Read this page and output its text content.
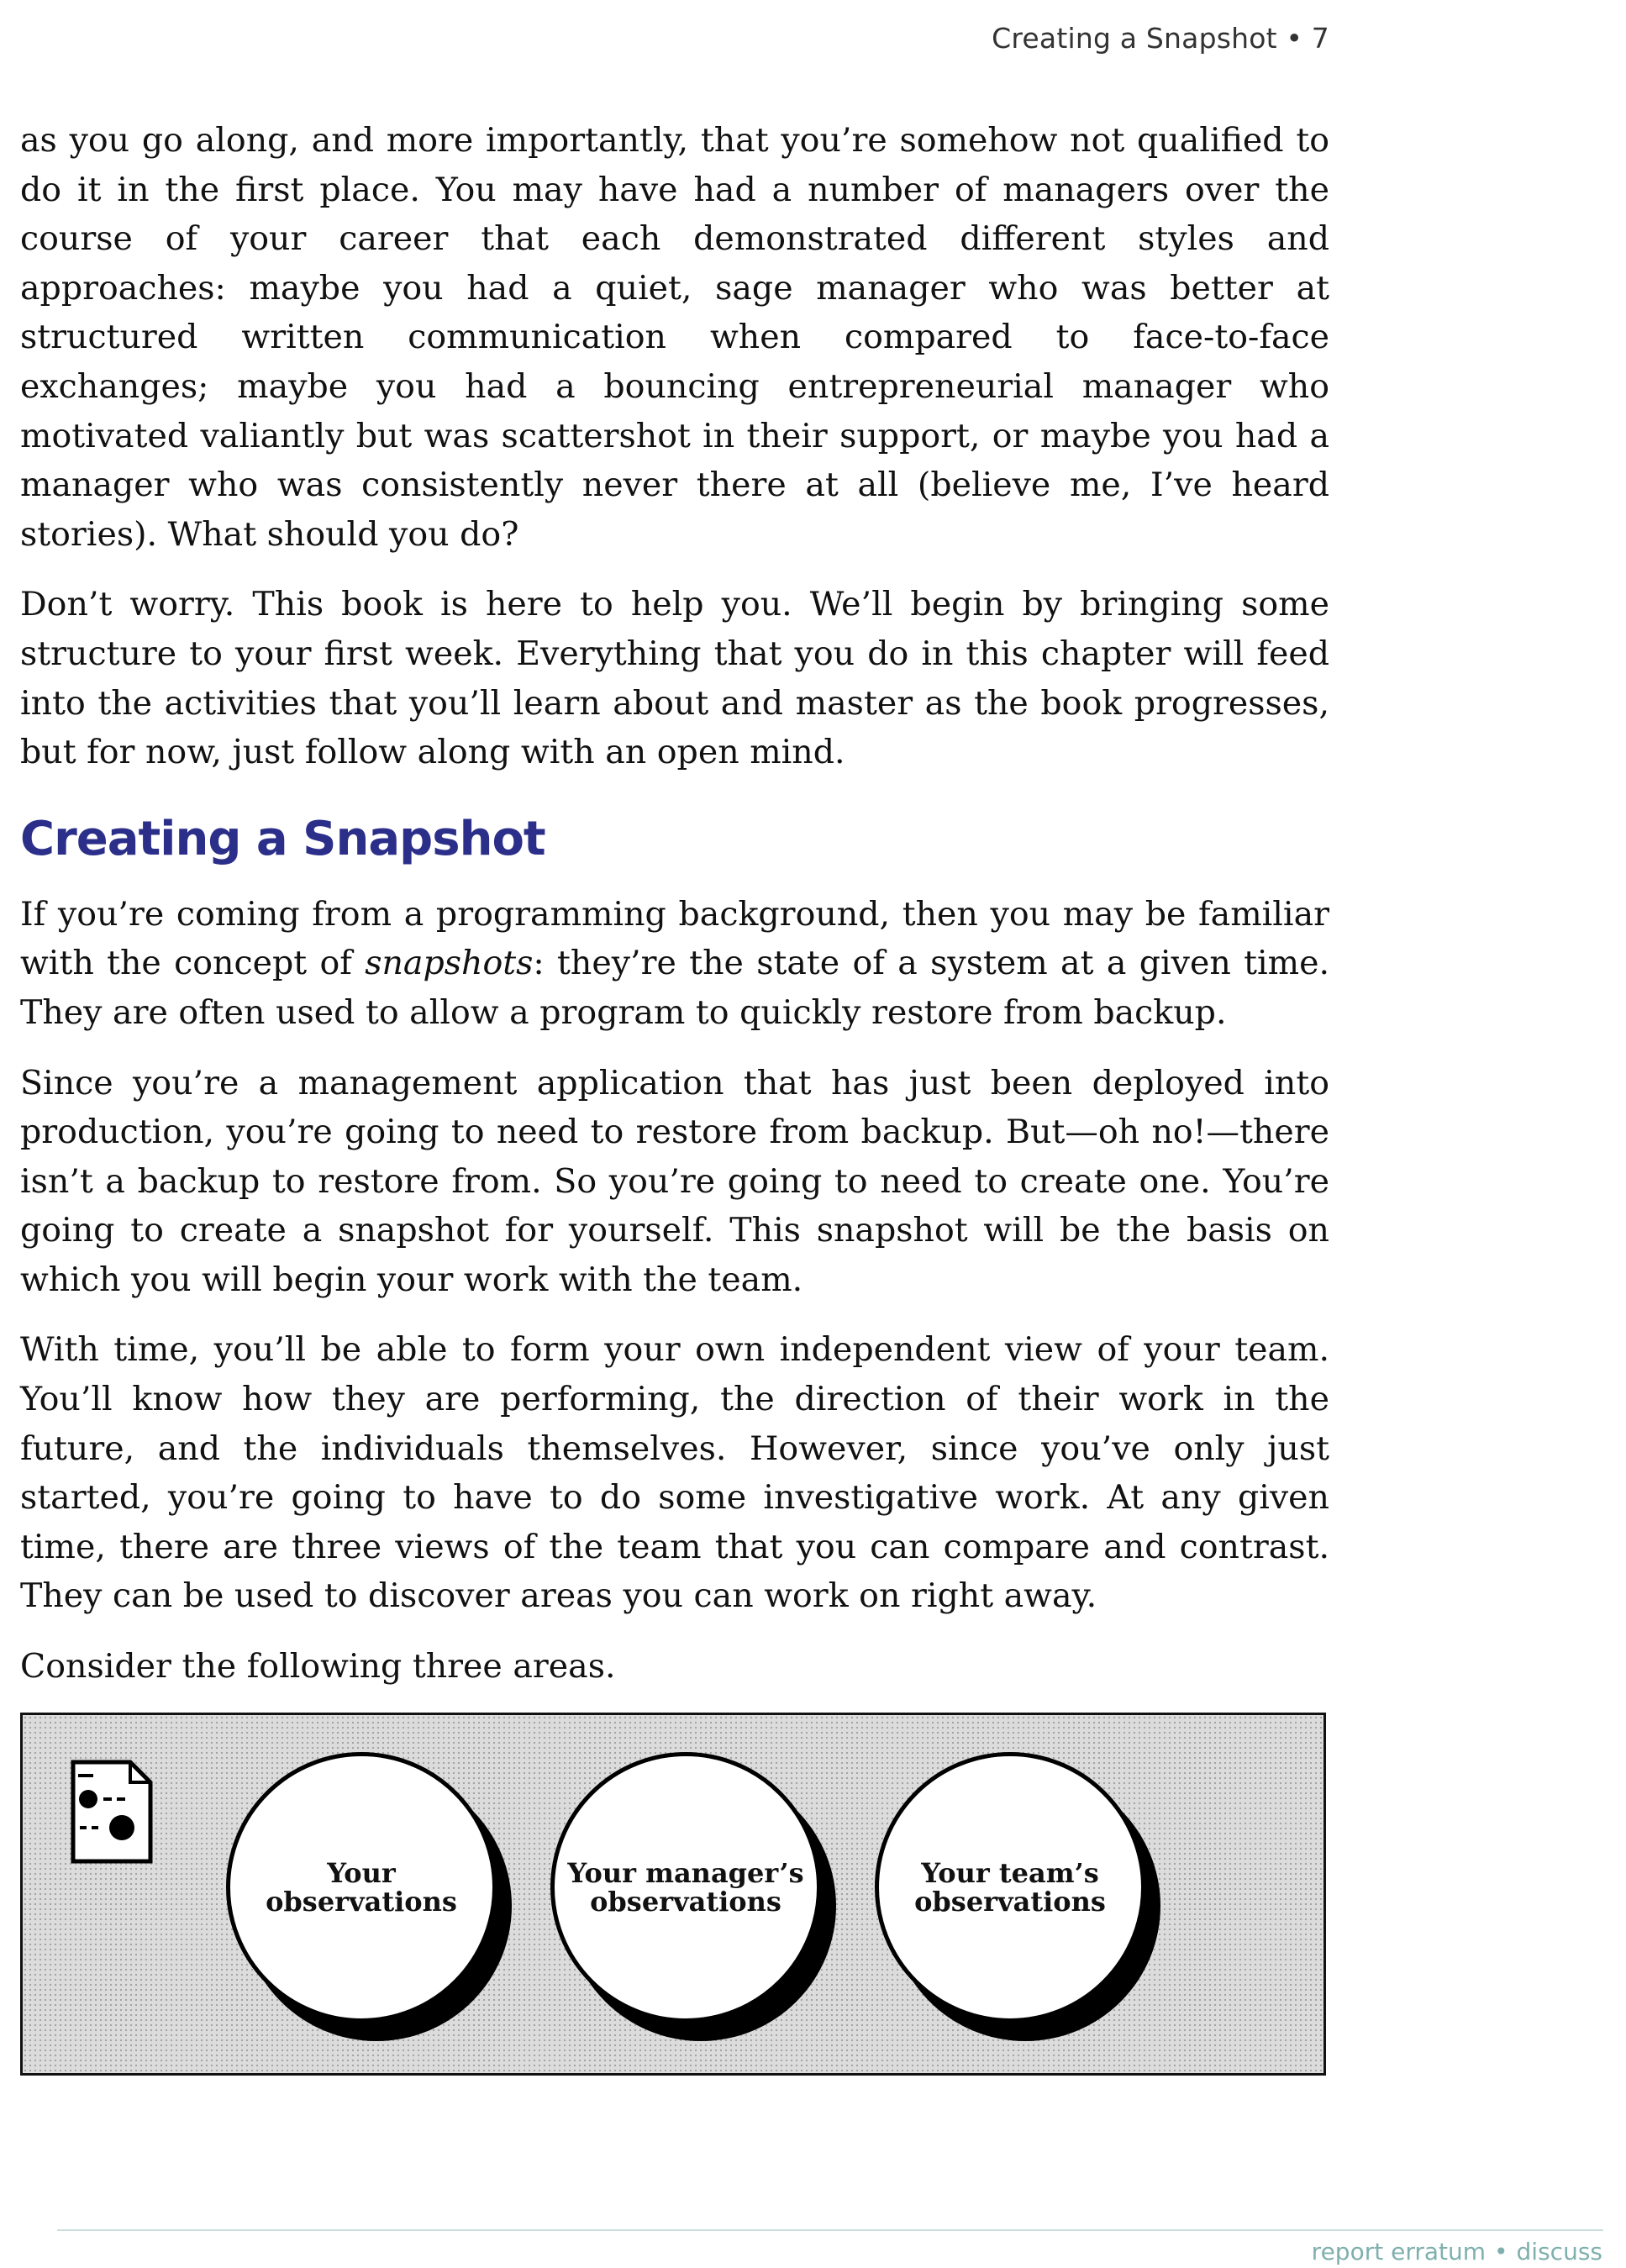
Creating a Snapshot • 7

as you go along, and more importantly, that you’re somehow not qualified to do it in the first place. You may have had a number of managers over the course of your career that each demonstrated different styles and approaches: maybe you had a quiet, sage manager who was better at structured written communication when compared to face-to-face exchanges; maybe you had a bouncing entrepreneurial manager who motivated valiantly but was scattershot in their support, or maybe you had a manager who was consistently never there at all (believe me, I’ve heard stories). What should you do?

Don’t worry. This book is here to help you. We’ll begin by bringing some structure to your first week. Everything that you do in this chapter will feed into the activities that you’ll learn about and master as the book progresses, but for now, just follow along with an open mind.

Creating a Snapshot

If you’re coming from a programming background, then you may be familiar with the concept of snapshots: they’re the state of a system at a given time. They are often used to allow a program to quickly restore from backup.

Since you’re a management application that has just been deployed into production, you’re going to need to restore from backup. But—oh no!—there isn’t a backup to restore from. So you’re going to need to create one. You’re going to create a snapshot for yourself. This snapshot will be the basis on which you will begin your work with the team.

With time, you’ll be able to form your own independent view of your team. You’ll know how they are performing, the direction of their work in the future, and the individuals themselves. However, since you’ve only just started, you’re going to have to do some investigative work. At any given time, there are three views of the team that you can compare and contrast. They can be used to discover areas you can work on right away.

Consider the following three areas.

Your
observations
Your manager’s
observations
Your team’s
observations
report erratum • discuss
